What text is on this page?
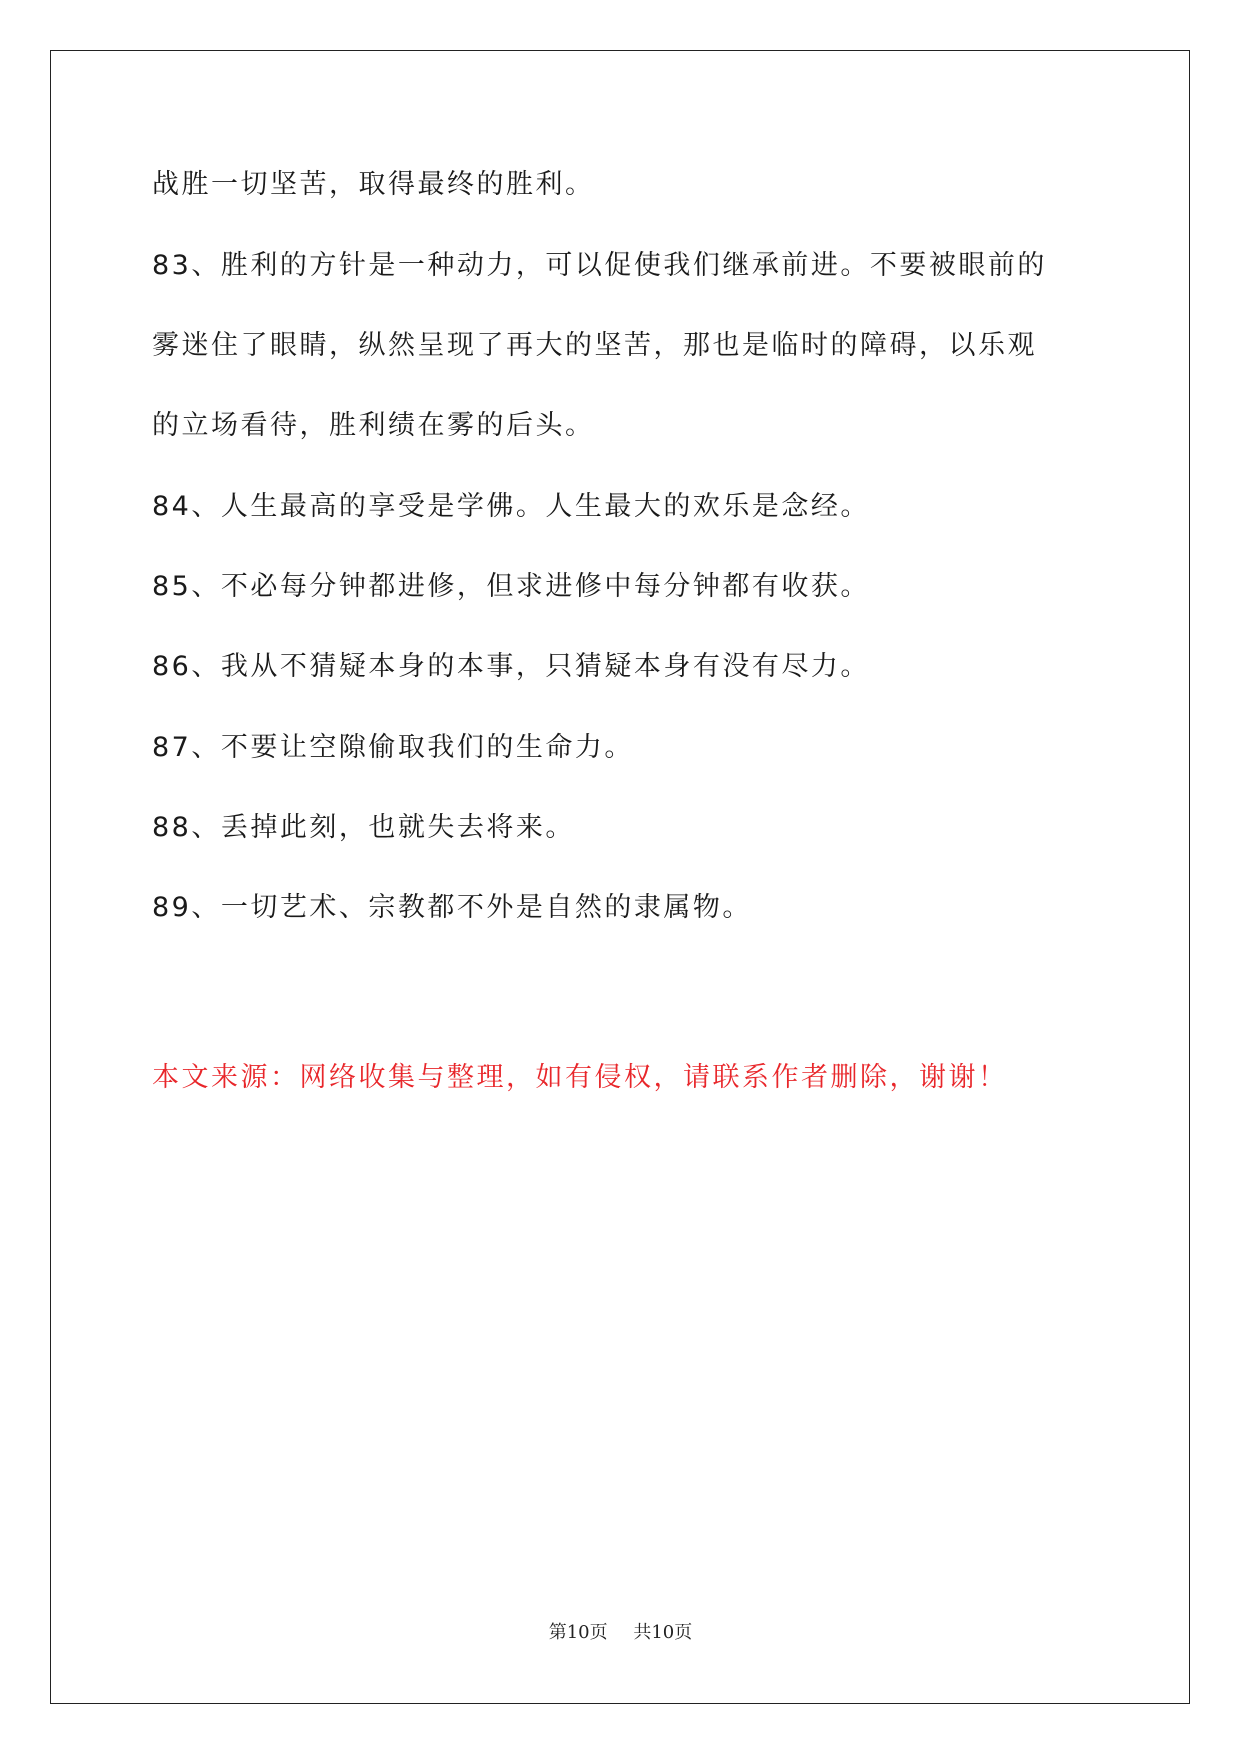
战胜一切坚苦，取得最终的胜利。
83、胜利的方针是一种动力，可以促使我们继承前进。不要被眼前的
雾迷住了眼睛，纵然呈现了再大的坚苦，那也是临时的障碍，以乐观
的立场看待，胜利绩在雾的后头。
84、人生最高的享受是学佛。人生最大的欢乐是念经。
85、不必每分钟都进修，但求进修中每分钟都有收获。
86、我从不猜疑本身的本事，只猜疑本身有没有尽力。
87、不要让空隙偷取我们的生命力。
88、丢掉此刻，也就失去将来。
89、一切艺术、宗教都不外是自然的隶属物。
本文来源：网络收集与整理，如有侵权，请联系作者删除，谢谢！
第10页 共10页
